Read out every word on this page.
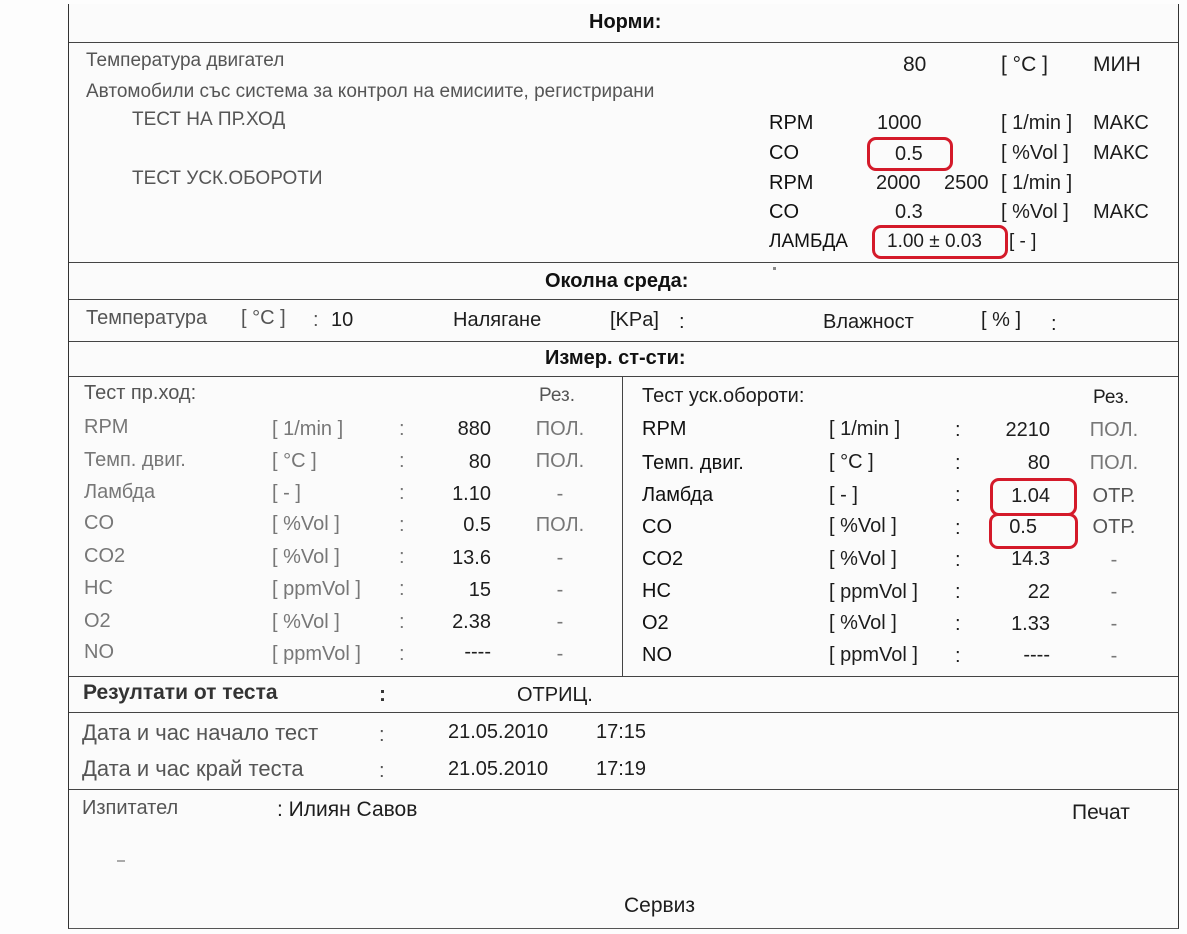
Норми:
Температура двигател	80	[ °C ] МИН
Автомобили със система за контрол на емисиите, регистрирани
ТЕСТ НА ПР.ХОД
ТЕСТ УСК.ОБОРОТИ
RPM	1000	[ 1/min ] МАКС
CO	0.5	[ %Vol ] МАКС
RPM	2000 2500 [ 1/min ]
CO	0.3	[ %Vol ] МАКС
ЛАМБДА 1.00 ± 0.03 [ - ]
Околна среда:
Температура [ °C ] : 10	Налягане	[KPa] :	Влажност	[ % ] :
Измер. ст-сти:
Тест пр.ход:	Рез.
RPM	[ 1/min ]	:	880	ПОЛ.
Темп. двиг.	[ °C ]	:	80	ПОЛ.
Ламбда	[ - ]	:	1.10	-
CO	[ %Vol ]	:	0.5	ПОЛ.
CO2	[ %Vol ]	:	13.6	-
HC	[ ppmVol ] :	15	-
O2	[ %Vol ]	:	2.38	-
NO	[ ppmVol ] :	----	-
Тест уск.обороти:	Рез.
RPM	[ 1/min ]	:	2210	ПОЛ.
Темп. двиг.	[ °C ]	:	80	ПОЛ.
Ламбда	[ - ]	:	1.04	ОТР.
CO	[ %Vol ]	:	0.5	ОТР.
CO2	[ %Vol ]	:	14.3	-
HC	[ ppmVol ] :	22	-
O2	[ %Vol ]	:	1.33	-
NO	[ ppmVol ] :	----	-
Резултати от теста	:	ОТРИЦ.
Дата и час начало тест	:	21.05.2010 17:15
Дата и час край теста	:	21.05.2010 17:19
Изпитател	: Илиян Савов	Печат
Сервиз
